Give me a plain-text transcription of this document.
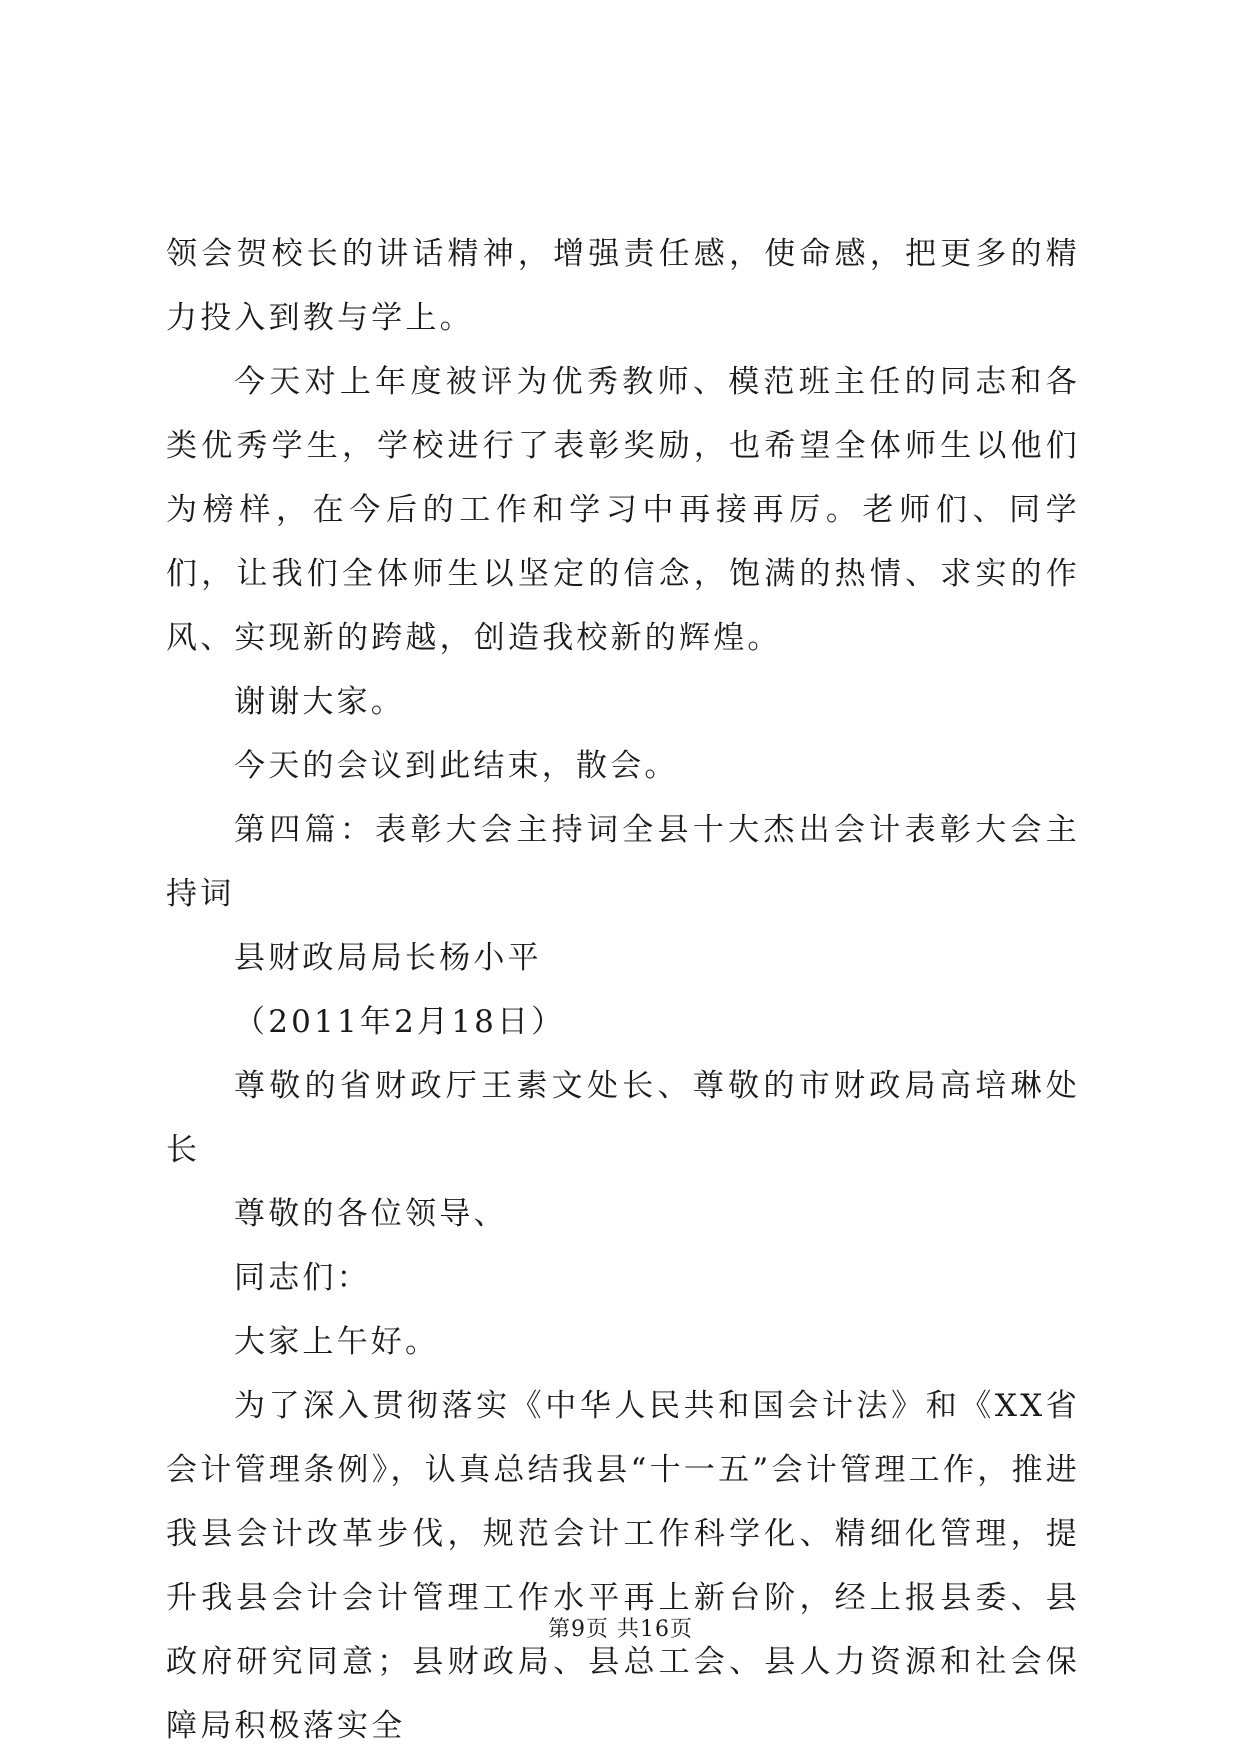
领会贺校长的讲话精神，增强责任感，使命感，把更多的精力投入到教与学上。

今天对上年度被评为优秀教师、模范班主任的同志和各类优秀学生，学校进行了表彰奖励，也希望全体师生以他们为榜样，在今后的工作和学习中再接再厉。老师们、同学们，让我们全体师生以坚定的信念，饱满的热情、求实的作风、实现新的跨越，创造我校新的辉煌。

谢谢大家。

今天的会议到此结束，散会。

第四篇：表彰大会主持词全县十大杰出会计表彰大会主持词

县财政局局长杨小平

（2011年2月18日）

尊敬的省财政厅王素文处长、尊敬的市财政局高培琳处长

尊敬的各位领导、

同志们：

大家上午好。

为了深入贯彻落实《中华人民共和国会计法》和《XX省会计管理条例》，认真总结我县“十一五”会计管理工作，推进我县会计改革步伐，规范会计工作科学化、精细化管理，提升我县会计会计管理工作水平再上新台阶，经上报县委、县政府研究同意；县财政局、县总工会、县人力资源和社会保障局积极落实全

第9页 共16页
